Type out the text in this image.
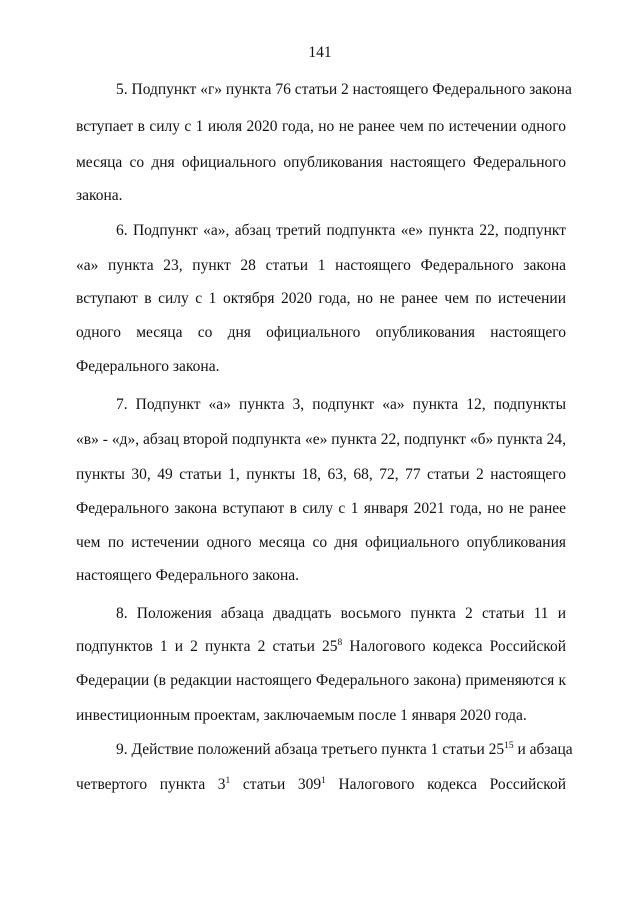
141
5. Подпункт «г» пункта 76 статьи 2 настоящего Федерального закона
вступает в силу с 1 июля 2020 года, но не ранее чем по истечении одного
месяца со дня официального опубликования настоящего Федерального
закона.
6. Подпункт «а», абзац третий подпункта «е» пункта 22, подпункт
«а» пункта 23, пункт 28 статьи 1 настоящего Федерального закона
вступают в силу с 1 октября 2020 года, но не ранее чем по истечении
одного месяца со дня официального опубликования настоящего
Федерального закона.
7. Подпункт «а» пункта 3, подпункт «а» пункта 12, подпункты
«в» - «д», абзац второй подпункта «е» пункта 22, подпункт «б» пункта 24,
пункты 30, 49 статьи 1, пункты 18, 63, 68, 72, 77 статьи 2 настоящего
Федерального закона вступают в силу с 1 января 2021 года, но не ранее
чем по истечении одного месяца со дня официального опубликования
настоящего Федерального закона.
8. Положения абзаца двадцать восьмого пункта 2 статьи 11 и
подпунктов 1 и 2 пункта 2 статьи $25^8$ Налогового кодекса Российской
Федерации (в редакции настоящего Федерального закона) применяются к
инвестиционным проектам, заключаемым после 1 января 2020 года.
9. Действие положений абзаца третьего пункта 1 статьи $25^{15}$ и абзаца
четвертого пункта $3^1$ статьи $309^1$ Налогового кодекса Российской
